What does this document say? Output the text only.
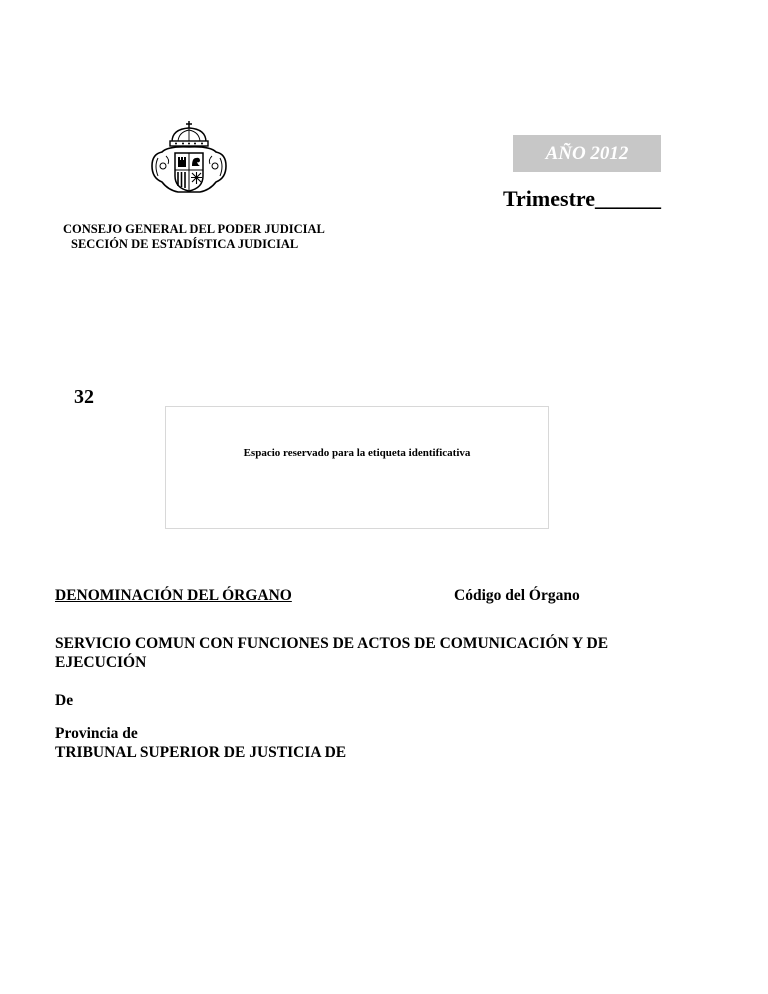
AÑO 2012
Trimestre______
CONSEJO GENERAL DEL PODER JUDICIAL
SECCIÓN DE ESTADÍSTICA JUDICIAL
32
Espacio reservado para la etiqueta identificativa
DENOMINACIÓN DEL ÓRGANO	Código del Órgano
SERVICIO COMUN CON FUNCIONES DE ACTOS DE COMUNICACIÓN Y DE EJECUCIÓN
De
Provincia de
TRIBUNAL SUPERIOR DE JUSTICIA DE
